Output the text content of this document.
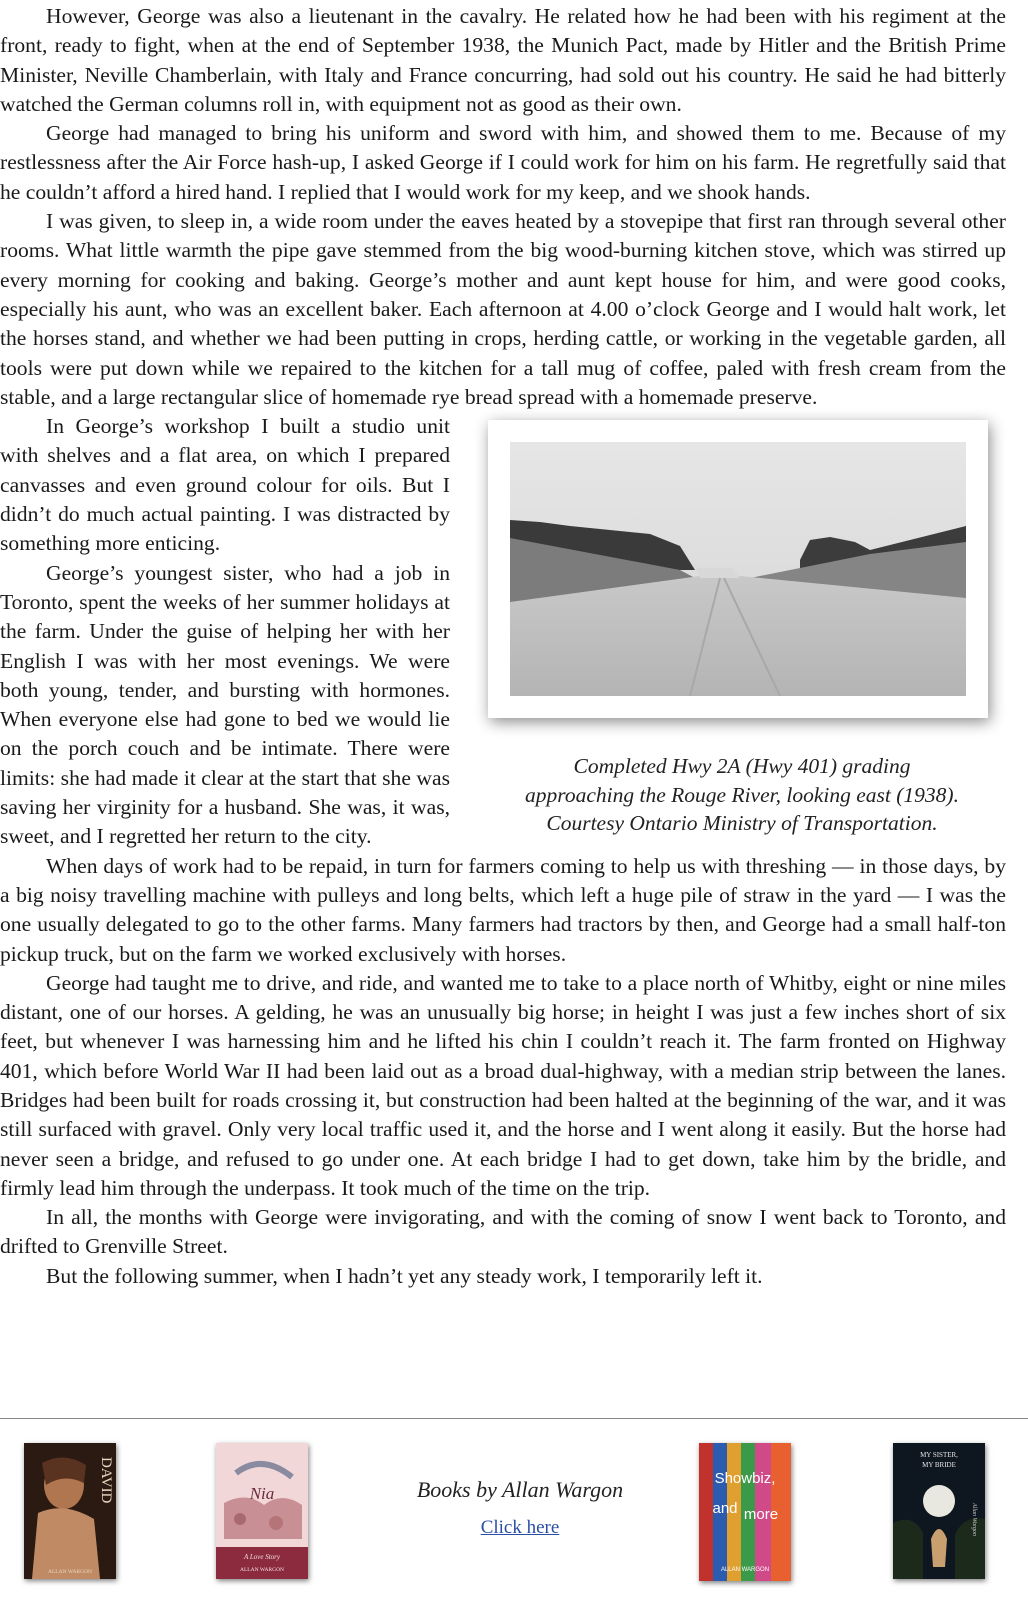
However, George was also a lieutenant in the cavalry. He related how he had been with his regiment at the front, ready to fight, when at the end of September 1938, the Munich Pact, made by Hitler and the British Prime Minister, Neville Chamberlain, with Italy and France concurring, had sold out his country. He said he had bitterly watched the German columns roll in, with equipment not as good as their own.

George had managed to bring his uniform and sword with him, and showed them to me. Because of my restlessness after the Air Force hash-up, I asked George if I could work for him on his farm. He regretfully said that he couldn’t afford a hired hand. I replied that I would work for my keep, and we shook hands.

I was given, to sleep in, a wide room under the eaves heated by a stovepipe that first ran through several other rooms. What little warmth the pipe gave stemmed from the big wood-burning kitchen stove, which was stirred up every morning for cooking and baking. George’s mother and aunt kept house for him, and were good cooks, especially his aunt, who was an excellent baker. Each afternoon at 4.00 o’clock George and I would halt work, let the horses stand, and whether we had been putting in crops, herding cattle, or working in the vegetable garden, all tools were put down while we repaired to the kitchen for a tall mug of coffee, paled with fresh cream from the stable, and a large rectangular slice of homemade rye bread spread with a homemade preserve.

Completed Hwy 2A (Hwy 401) grading
approaching the Rouge River, looking east (1938).
Courtesy Ontario Ministry of Transportation.

In George’s workshop I built a studio unit with shelves and a flat area, on which I prepared canvasses and even ground colour for oils. But I didn’t do much actual painting. I was distracted by something more enticing.

George’s youngest sister, who had a job in Toronto, spent the weeks of her summer holidays at the farm. Under the guise of helping her with her English I was with her most evenings. We were both young, tender, and bursting with hormones. When everyone else had gone to bed we would lie on the porch couch and be intimate. There were limits: she had made it clear at the start that she was saving her virginity for a husband. She was, it was, sweet, and I regretted her return to the city.

When days of work had to be repaid, in turn for farmers coming to help us with threshing — in those days, by a big noisy travelling machine with pulleys and long belts, which left a huge pile of straw in the yard — I was the one usually delegated to go to the other farms. Many farmers had tractors by then, and George had a small half-ton pickup truck, but on the farm we worked exclusively with horses.

George had taught me to drive, and ride, and wanted me to take to a place north of Whitby, eight or nine miles distant, one of our horses. A gelding, he was an unusually big horse; in height I was just a few inches short of six feet, but whenever I was harnessing him and he lifted his chin I couldn’t reach it. The farm fronted on Highway 401, which before World War II had been laid out as a broad dual-highway, with a median strip between the lanes. Bridges had been built for roads crossing it, but construction had been halted at the beginning of the war, and it was still surfaced with gravel. Only very local traffic used it, and the horse and I went along it easily. But the horse had never seen a bridge, and refused to go under one. At each bridge I had to get down, take him by the bridle, and firmly lead him through the underpass. It took much of the time on the trip.

In all, the months with George were invigorating, and with the coming of snow I went back to Toronto, and drifted to Grenville Street.

But the following summer, when I hadn’t yet any steady work, I temporarily left it.

DAVID
ALLAN WARGON
Nia
A Love Story
ALLAN WARGON
Books by Allan Wargon
Click here
Showbiz,
and more
ALLAN WARGON
MY SISTER,
MY BRIDE
Allan Wargon
